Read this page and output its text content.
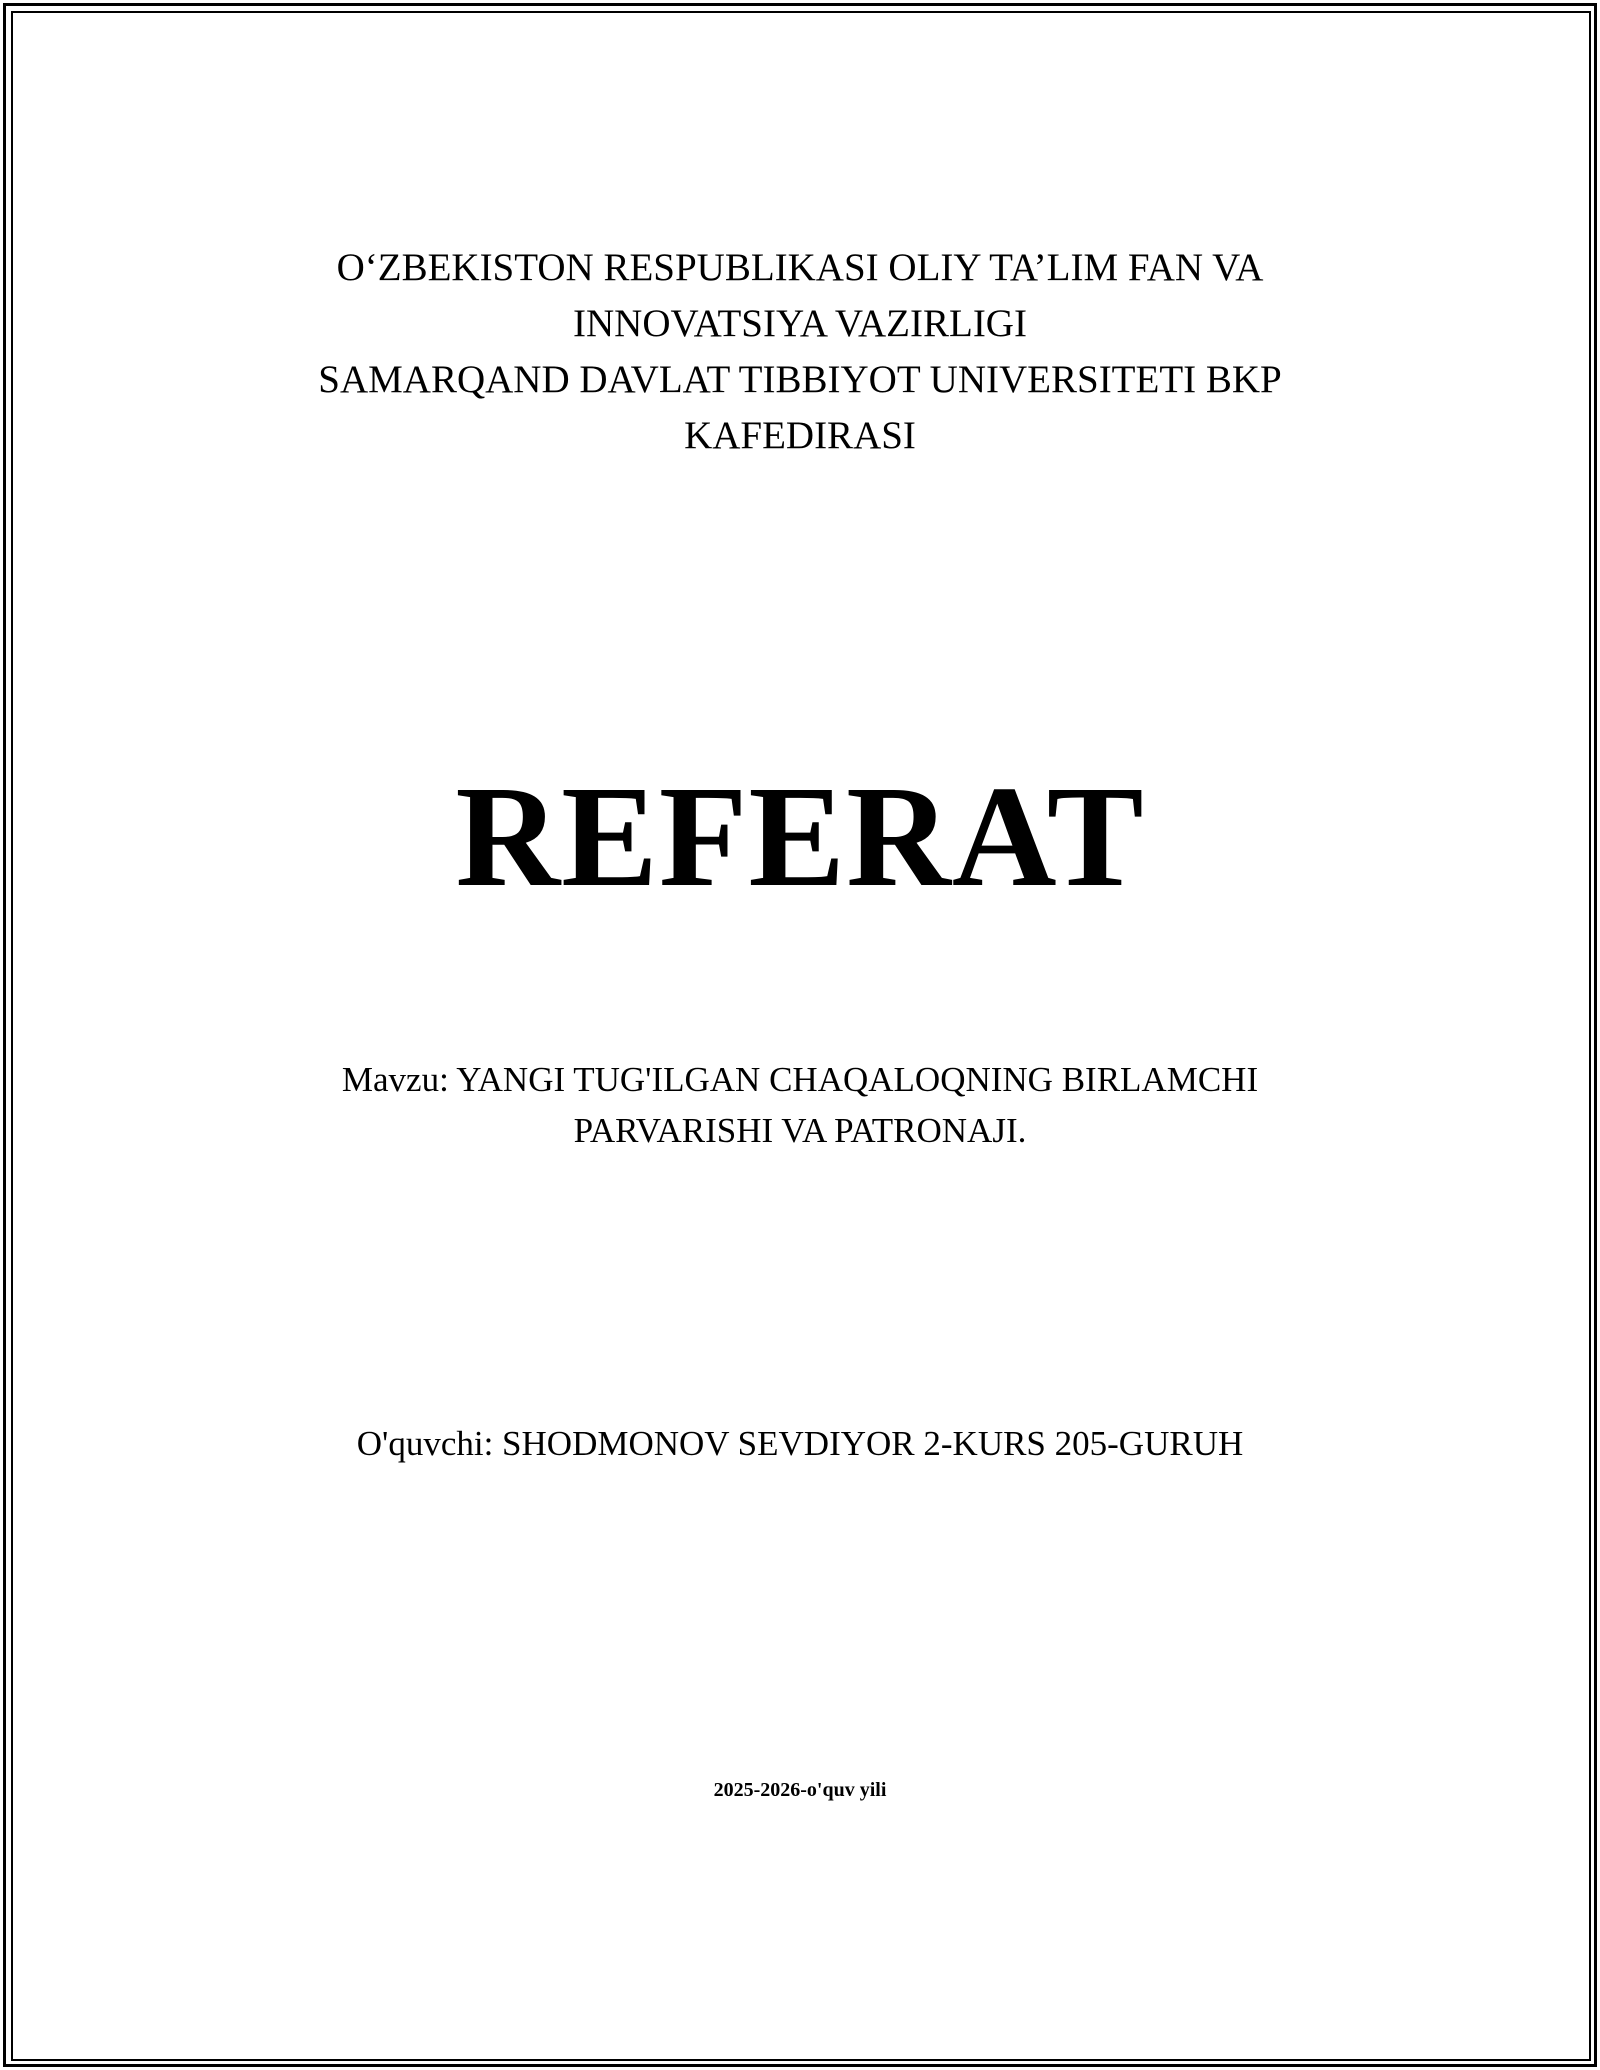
O‘ZBEKISTON RESPUBLIKASI OLIY TA’LIM FAN VA
INNOVATSIYA VAZIRLIGI
SAMARQAND DAVLAT TIBBIYOT UNIVERSITETI BKP
KAFEDIRASI
REFERAT
Mavzu: YANGI TUG'ILGAN CHAQALOQNING BIRLAMCHI
PARVARISHI VA PATRONAJI.
O'quvchi: SHODMONOV SEVDIYOR 2-KURS 205-GURUH
2025-2026-o'quv yili
